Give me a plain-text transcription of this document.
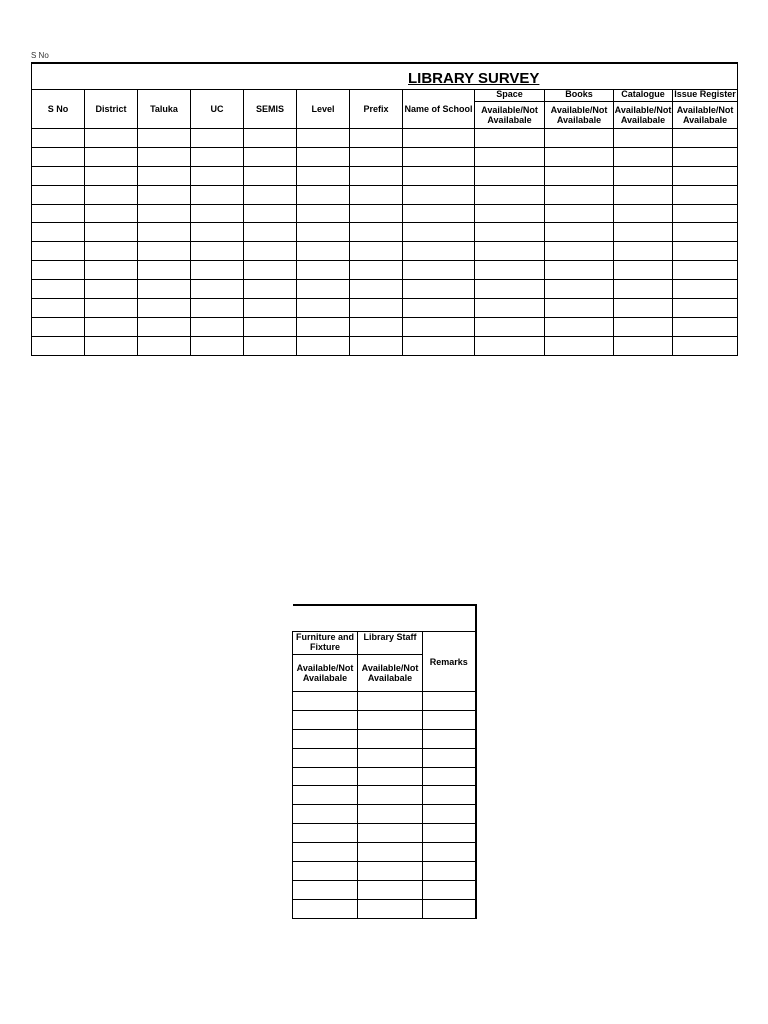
S No
LIBRARY SURVEY											
S No	District	Taluka	UC	SEMIS	Level	Prefix	Name of School	Space	Books	Catalogue	Issue Register
								Available/Not Availabale	Available/Not Availabale	Available/Not Availabale	Available/Not Availabale

Furniture and Fixture	Library Staff	Remarks
Available/Not Availabale	Available/Not Availabale	
